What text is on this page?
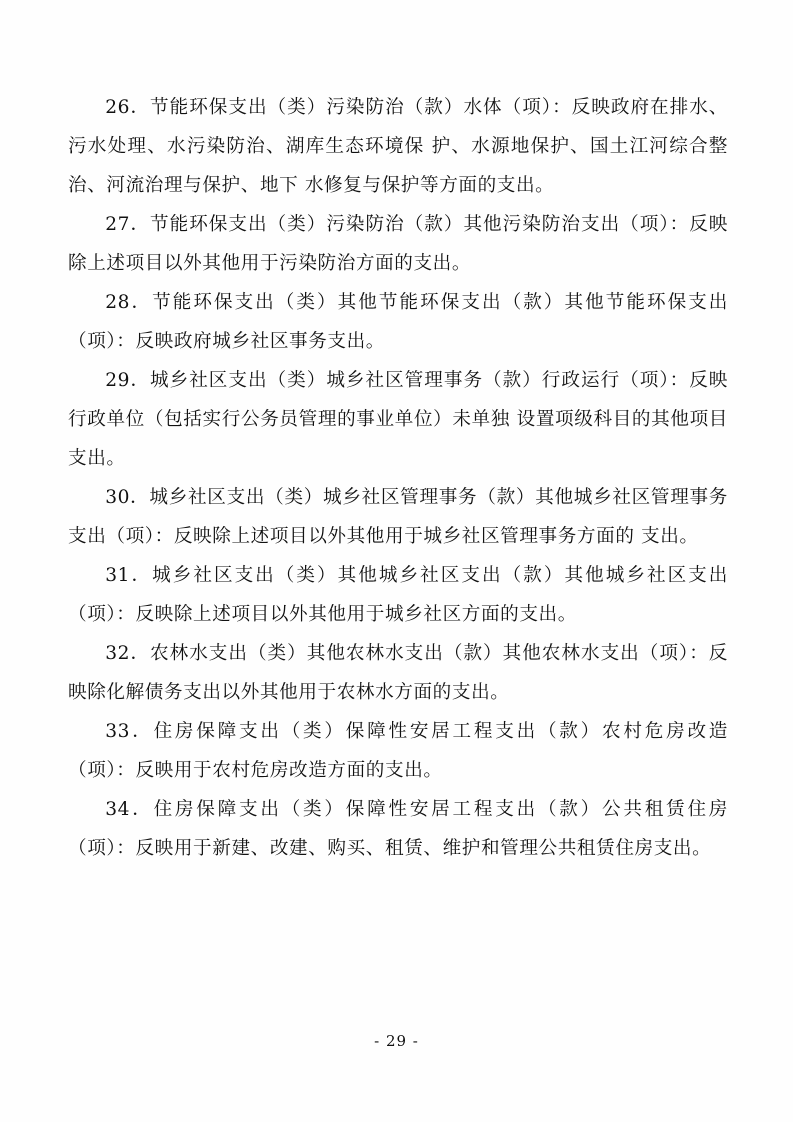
26．节能环保支出（类）污染防治（款）水体（项）：反映政府在排水、污水处理、水污染防治、湖库生态环境保 护、水源地保护、国土江河综合整治、河流治理与保护、地下 水修复与保护等方面的支出。

27．节能环保支出（类）污染防治（款）其他污染防治支出（项）：反映除上述项目以外其他用于污染防治方面的支出。

28．节能环保支出（类）其他节能环保支出（款）其他节能环保支出（项）：反映政府城乡社区事务支出。

29．城乡社区支出（类）城乡社区管理事务（款）行政运行（项）：反映行政单位（包括实行公务员管理的事业单位）未单独 设置项级科目的其他项目支出。

30．城乡社区支出（类）城乡社区管理事务（款）其他城乡社区管理事务支出（项）：反映除上述项目以外其他用于城乡社区管理事务方面的 支出。

31．城乡社区支出（类）其他城乡社区支出（款）其他城乡社区支出（项）：反映除上述项目以外其他用于城乡社区方面的支出。

32．农林水支出（类）其他农林水支出（款）其他农林水支出（项）：反映除化解债务支出以外其他用于农林水方面的支出。

33．住房保障支出（类）保障性安居工程支出（款）农村危房改造（项）：反映用于农村危房改造方面的支出。

34．住房保障支出（类）保障性安居工程支出（款）公共租赁住房（项）：反映用于新建、改建、购买、租赁、维护和管理公共租赁住房支出。

- 29 -
